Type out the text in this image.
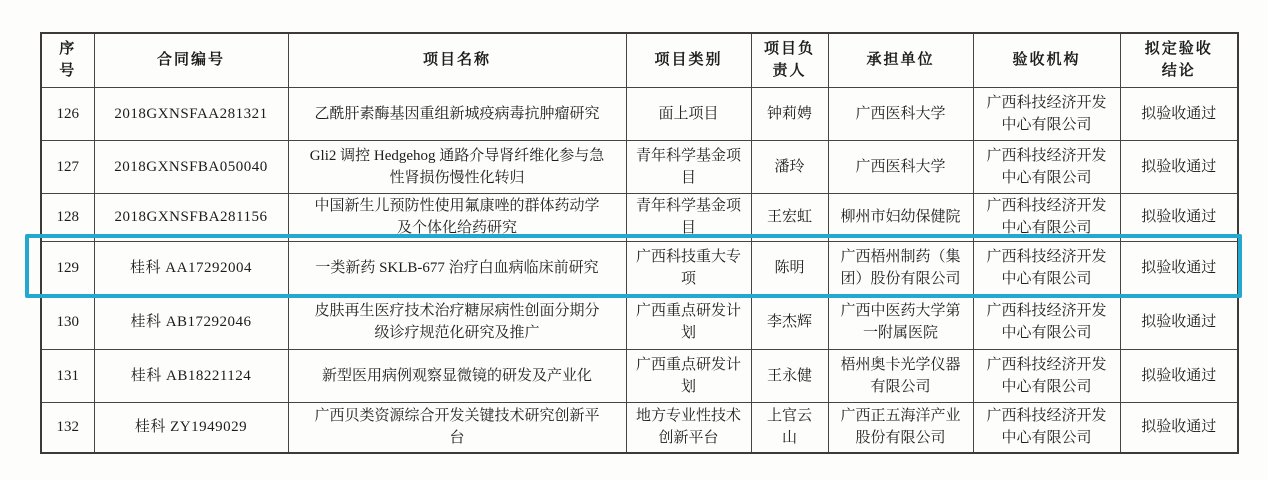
序号	合同编号	项目名称	项目类别	项目负责人	承担单位	验收机构	拟定验收结论
126	2018GXNSFAA281321	乙酰肝素酶基因重组新城疫病毒抗肿瘤研究	面上项目	钟莉娉	广西医科大学	广西科技经济开发中心有限公司	拟验收通过
127	2018GXNSFBA050040	Gli2 调控 Hedgehog 通路介导肾纤维化参与急性肾损伤慢性化转归	青年科学基金项目	潘玲	广西医科大学	广西科技经济开发中心有限公司	拟验收通过
128	2018GXNSFBA281156	中国新生儿预防性使用氟康唑的群体药动学及个体化给药研究	青年科学基金项目	王宏虹	柳州市妇幼保健院	广西科技经济开发中心有限公司	拟验收通过
129	桂科 AA17292004	一类新药 SKLB-677 治疗白血病临床前研究	广西科技重大专项	陈明	广西梧州制药（集团）股份有限公司	广西科技经济开发中心有限公司	拟验收通过
130	桂科 AB17292046	皮肤再生医疗技术治疗糖尿病性创面分期分级诊疗规范化研究及推广	广西重点研发计划	李杰辉	广西中医药大学第一附属医院	广西科技经济开发中心有限公司	拟验收通过
131	桂科 AB18221124	新型医用病例观察显微镜的研发及产业化	广西重点研发计划	王永健	梧州奥卡光学仪器有限公司	广西科技经济开发中心有限公司	拟验收通过
132	桂科 ZY1949029	广西贝类资源综合开发关键技术研究创新平台	地方专业性技术创新平台	上官云山	广西正五海洋产业股份有限公司	广西科技经济开发中心有限公司	拟验收通过
